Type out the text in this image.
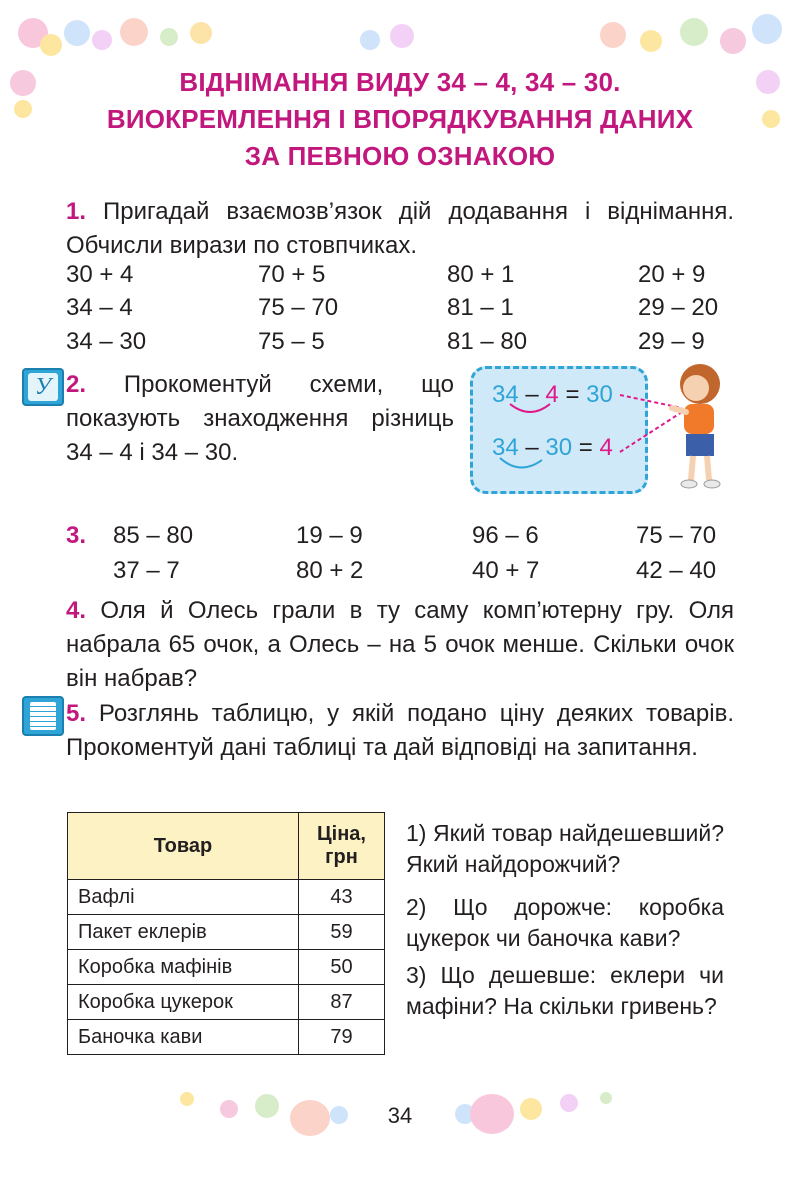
ВІДНІМАННЯ ВИДУ 34 – 4, 34 – 30.
ВИОКРЕМЛЕННЯ І ВПОРЯДКУВАННЯ ДАНИХ
ЗА ПЕВНОЮ ОЗНАКОЮ
1. Пригадай взаємозв’язок дій додавання і віднімання. Обчисли вирази по стовпчиках.
30 + 4	70 + 5	80 + 1	20 + 9
34 – 4	75 – 70	81 – 1	29 – 20
34 – 30	75 – 5	81 – 80	29 – 9
У 2. Прокоментуй схеми, що показують знаходження різниць 34 – 4 і 34 – 30.
34 – 4 = 30
34 – 30 = 4
3. 85 – 80	19 – 9	96 – 6	75 – 70
37 – 7	80 + 2	40 + 7	42 – 40
4. Оля й Олесь грали в ту саму комп’ютерну гру. Оля набрала 65 очок, а Олесь – на 5 очок менше. Скільки очок він набрав?
5. Розглянь таблицю, у якій подано ціну деяких товарів. Прокоментуй дані таблиці та дай відповіді на запитання.
Товар	Ціна,
грн

Вафлі	43
Пакет еклерів	59
Коробка мафінів	50
Коробка цукерок	87
Баночка кави	79
1) Який товар найдешевший? Який найдорожчий?
2) Що дорожче: коробка цукерок чи баночка кави?
3) Що дешевше: еклери чи мафіни? На скільки гривень?
34
